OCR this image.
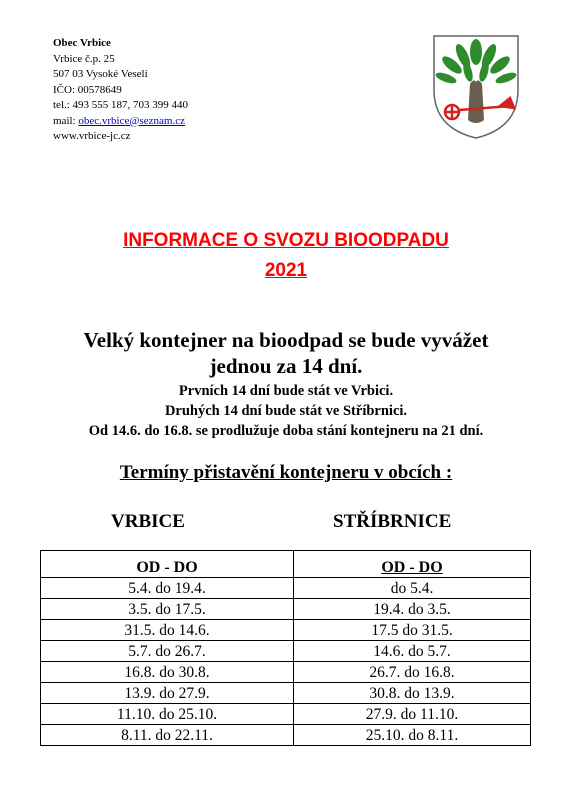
Obec Vrbice
Vrbice č.p. 25
507 03 Vysoké Veselí
IČO: 00578649
tel.: 493 555 187, 703 399 440
mail: obec.vrbice@seznam.cz
www.vrbice-jc.cz
INFORMACE O SVOZU BIOODPADU
2021
Velký kontejner na bioodpad se bude vyvážet
jednou za 14 dní.
Prvních 14 dní bude stát ve Vrbici.
Druhých 14 dní bude stát ve Stříbrnici.
Od 14.6. do 16.8. se prodlužuje doba stání kontejneru na 21 dní.
Termíny přistavění kontejneru v obcích :
VRBICE	STŘÍBRNICE
OD - DO	OD - DO
5.4. do 19.4.	do 5.4.
3.5. do 17.5.	19.4. do 3.5.
31.5. do 14.6.	17.5 do 31.5.
5.7. do 26.7.	14.6. do 5.7.
16.8. do 30.8.	26.7. do 16.8.
13.9. do 27.9.	30.8. do 13.9.
11.10. do 25.10.	27.9. do 11.10.
8.11. do 22.11.	25.10. do 8.11.
